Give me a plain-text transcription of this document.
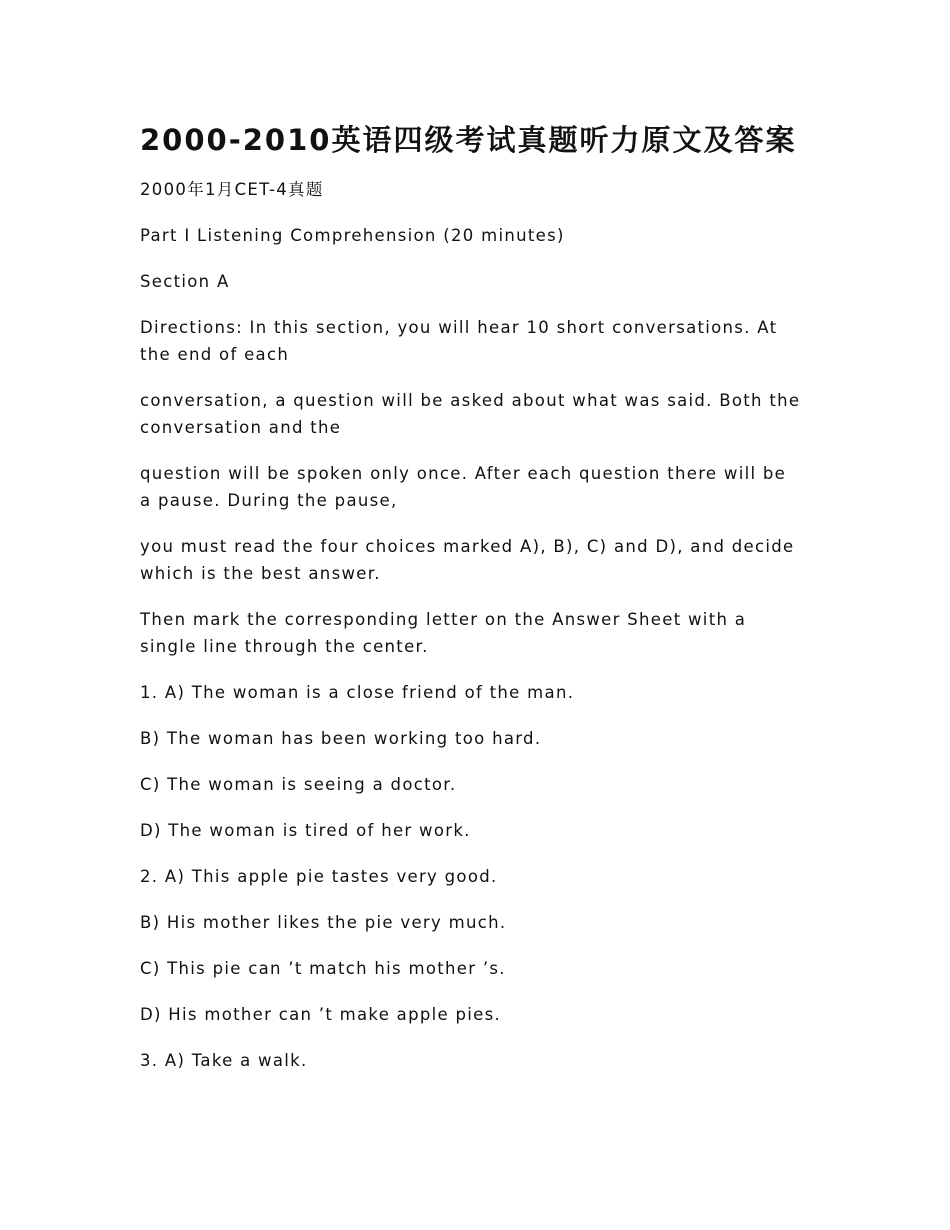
2000-2010英语四级考试真题听力原文及答案

2000年1月CET-4真题

Part I Listening Comprehension (20 minutes)

Section A

Directions: In this section, you will hear 10 short conversations. At
the end of each

conversation, a question will be asked about what was said. Both the
conversation and the

question will be spoken only once. After each question there will be
a pause. During the pause,

you must read the four choices marked A), B), C) and D), and decide
which is the best answer.

Then mark the corresponding letter on the Answer Sheet with a
single line through the center.

1. A) The woman is a close friend of the man.

B) The woman has been working too hard.

C) The woman is seeing a doctor.

D) The woman is tired of her work.

2. A) This apple pie tastes very good.

B) His mother likes the pie very much.

C) This pie can ’t match his mother ’s.

D) His mother can ’t make apple pies.

3. A) Take a walk.
